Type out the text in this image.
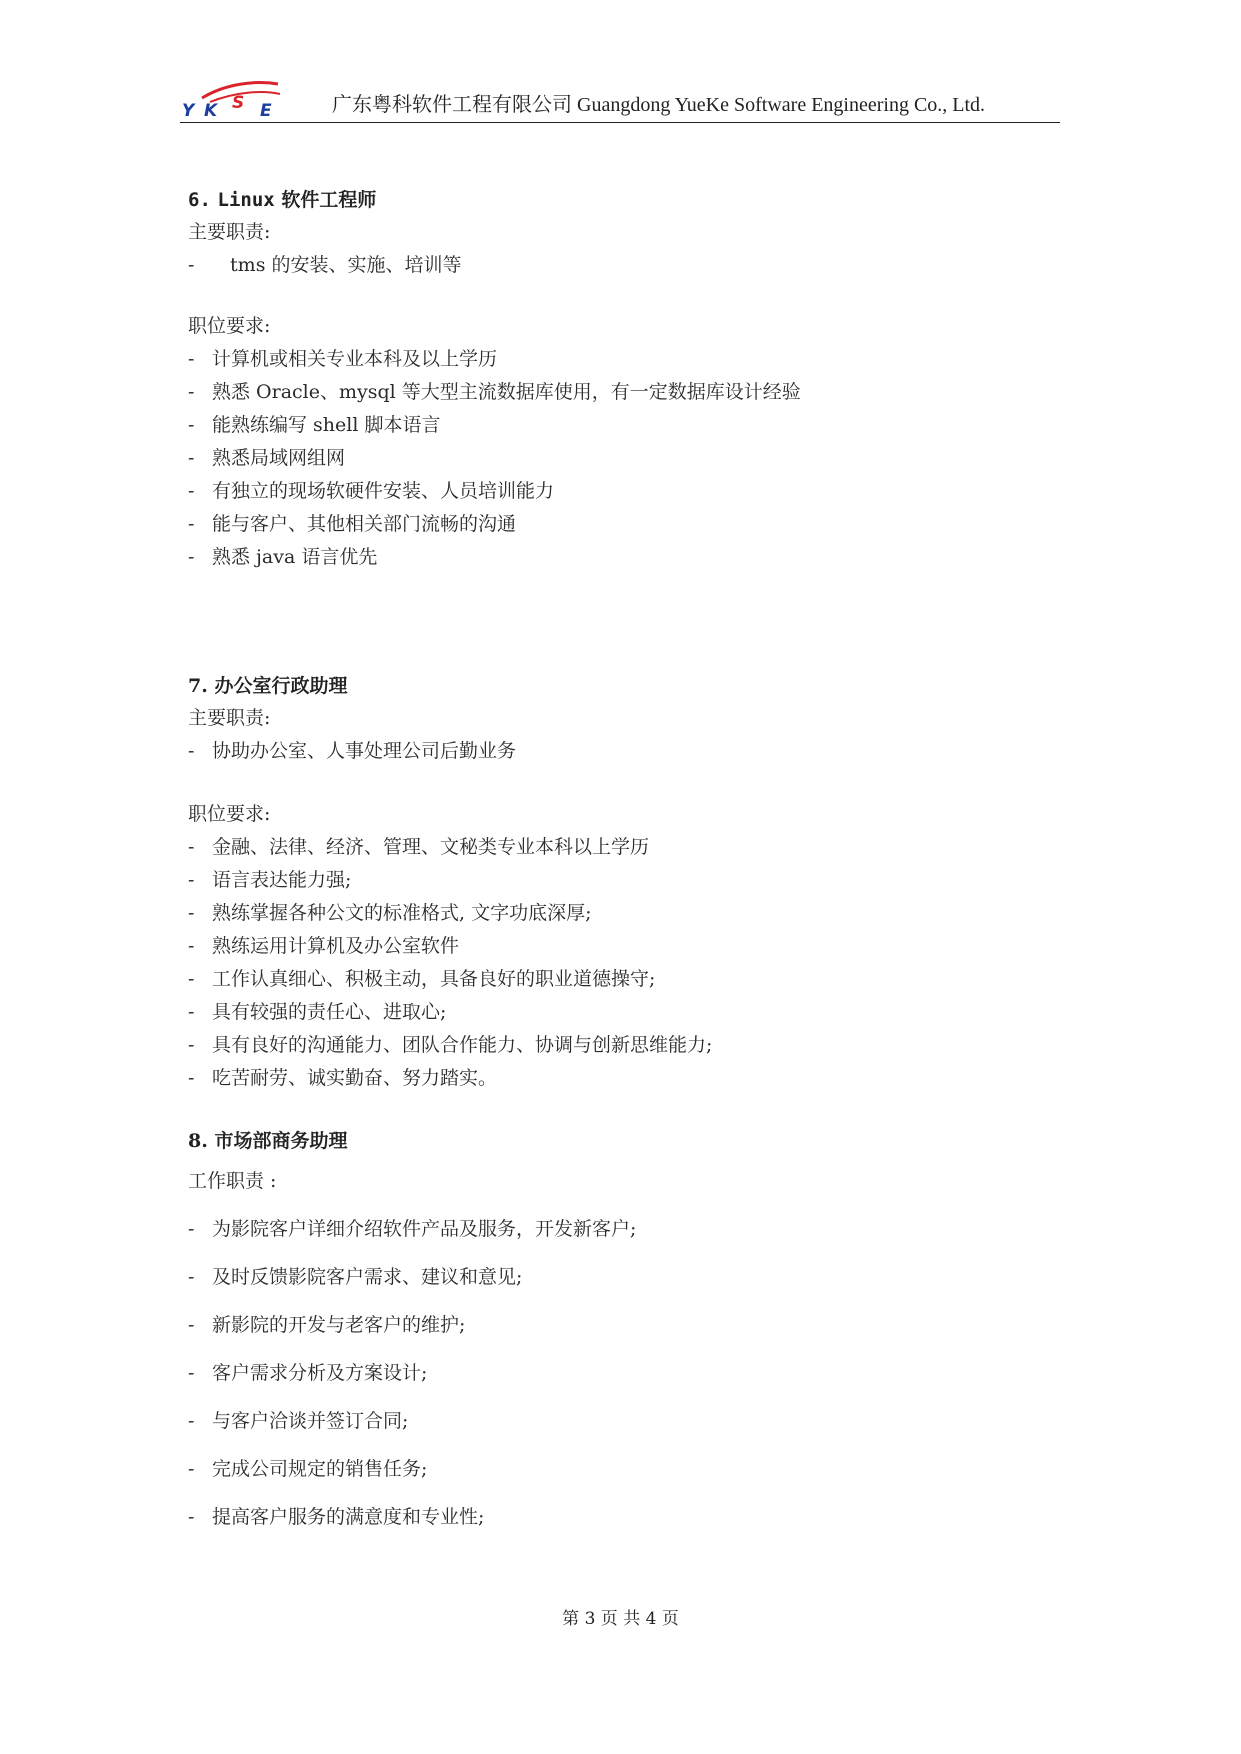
Y K S E	广东粤科软件工程有限公司 Guangdong YueKe Software Engineering Co., Ltd.
6. Linux 软件工程师
主要职责:
- tms 的安装、实施、培训等
职位要求:
- 计算机或相关专业本科及以上学历
- 熟悉 Oracle、mysql 等大型主流数据库使用，有一定数据库设计经验
- 能熟练编写 shell 脚本语言
- 熟悉局域网组网
- 有独立的现场软硬件安装、人员培训能力
- 能与客户、其他相关部门流畅的沟通
- 熟悉 java 语言优先
7. 办公室行政助理
主要职责:
- 协助办公室、人事处理公司后勤业务
职位要求:
- 金融、法律、经济、管理、文秘类专业本科以上学历
- 语言表达能力强;
- 熟练掌握各种公文的标准格式, 文字功底深厚;
- 熟练运用计算机及办公室软件
- 工作认真细心、积极主动，具备良好的职业道德操守;
- 具有较强的责任心、进取心;
- 具有良好的沟通能力、团队合作能力、协调与创新思维能力;
- 吃苦耐劳、诚实勤奋、努力踏实。
8. 市场部商务助理
工作职责 :
- 为影院客户详细介绍软件产品及服务，开发新客户;
- 及时反馈影院客户需求、建议和意见;
- 新影院的开发与老客户的维护;
- 客户需求分析及方案设计;
- 与客户洽谈并签订合同;
- 完成公司规定的销售任务;
- 提高客户服务的满意度和专业性;
第 3 页 共 4 页
